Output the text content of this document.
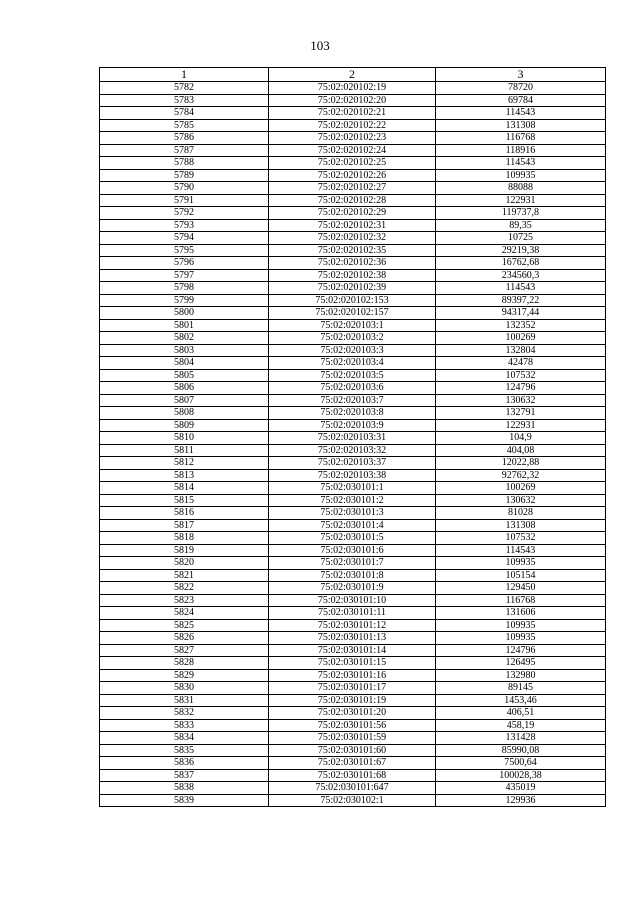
103
1	2	3
5782	75:02:020102:19	78720
5783	75:02:020102:20	69784
5784	75:02:020102:21	114543
5785	75:02:020102:22	131308
5786	75:02:020102:23	116768
5787	75:02:020102:24	118916
5788	75:02:020102:25	114543
5789	75:02:020102:26	109935
5790	75:02:020102:27	88088
5791	75:02:020102:28	122931
5792	75:02:020102:29	119737,8
5793	75:02:020102:31	89,35
5794	75:02:020102:32	10725
5795	75:02:020102:35	29219,38
5796	75:02:020102:36	16762,68
5797	75:02:020102:38	234560,3
5798	75:02:020102:39	114543
5799	75:02:020102:153	89397,22
5800	75:02:020102:157	94317,44
5801	75:02:020103:1	132352
5802	75:02:020103:2	100269
5803	75:02:020103:3	132804
5804	75:02:020103:4	42478
5805	75:02:020103:5	107532
5806	75:02:020103:6	124796
5807	75:02:020103:7	130632
5808	75:02:020103:8	132791
5809	75:02:020103:9	122931
5810	75:02:020103:31	104,9
5811	75:02:020103:32	404,08
5812	75:02:020103:37	12022,88
5813	75:02:020103:38	92762,32
5814	75:02:030101:1	100269
5815	75:02:030101:2	130632
5816	75:02:030101:3	81028
5817	75:02:030101:4	131308
5818	75:02:030101:5	107532
5819	75:02:030101:6	114543
5820	75:02:030101:7	109935
5821	75:02:030101:8	105154
5822	75:02:030101:9	129450
5823	75:02:030101:10	116768
5824	75:02:030101:11	131606
5825	75:02:030101:12	109935
5826	75:02:030101:13	109935
5827	75:02:030101:14	124796
5828	75:02:030101:15	126495
5829	75:02:030101:16	132980
5830	75:02:030101:17	89145
5831	75:02:030101:19	1453,46
5832	75:02:030101:20	406,51
5833	75:02:030101:56	458,19
5834	75:02:030101:59	131428
5835	75:02:030101:60	85990,08
5836	75:02:030101:67	7500,64
5837	75:02:030101:68	100028,38
5838	75:02:030101:647	435019
5839	75:02:030102:1	129936
